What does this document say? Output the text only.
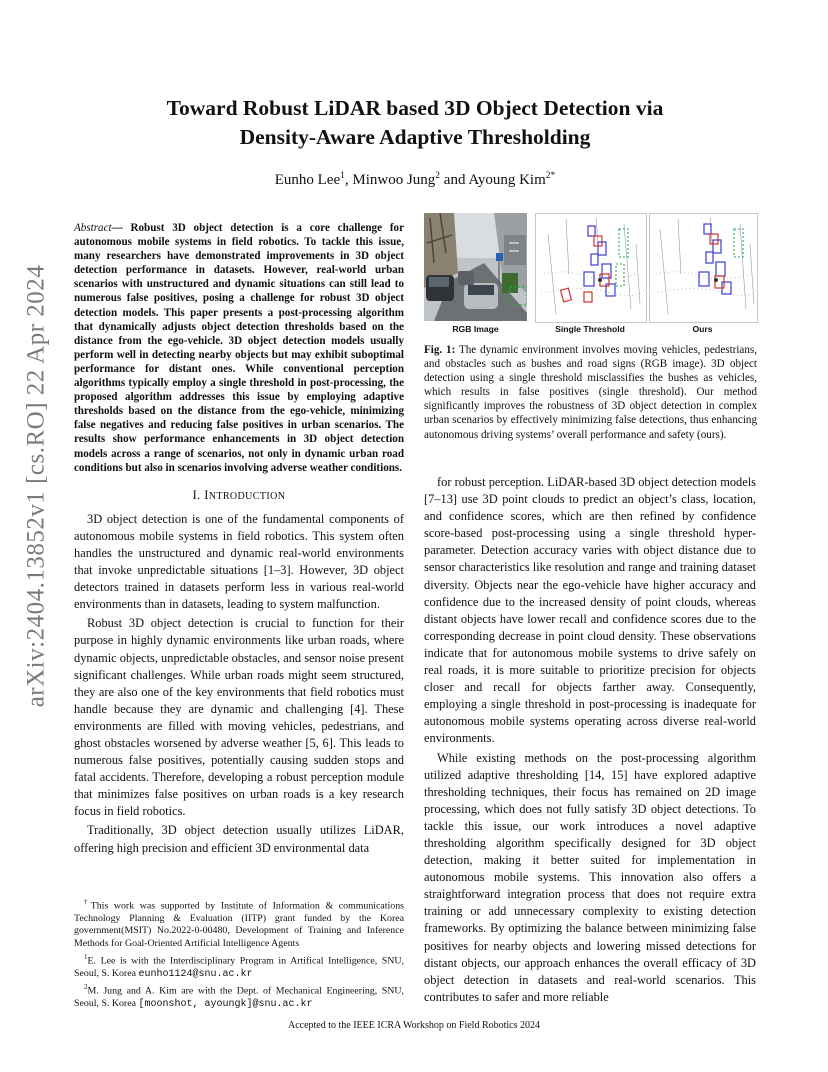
arXiv:2404.13852v1 [cs.RO] 22 Apr 2024
Toward Robust LiDAR based 3D Object Detection via
Density-Aware Adaptive Thresholding
Eunho Lee$^1$, Minwoo Jung$^2$ and Ayoung Kim$^{2*}$
Abstract— Robust 3D object detection is a core challenge for autonomous mobile systems in field robotics. To tackle this issue, many researchers have demonstrated improvements in 3D object detection performance in datasets. However, real-world urban scenarios with unstructured and dynamic situations can still lead to numerous false positives, posing a challenge for robust 3D object detection models. This paper presents a post-processing algorithm that dynamically adjusts object detection thresholds based on the distance from the ego-vehicle. 3D object detection models usually perform well in detecting nearby objects but may exhibit suboptimal performance for distant ones. While conventional perception algorithms typically employ a single threshold in post-processing, the proposed algorithm addresses this issue by employing adaptive thresholds based on the distance from the ego-vehicle, minimizing false negatives and reducing false positives in urban scenarios. The results show performance enhancements in 3D object detection models across a range of scenarios, not only in dynamic urban road conditions but also in scenarios involving adverse weather conditions.
I. INTRODUCTION

3D object detection is one of the fundamental components of autonomous mobile systems in field robotics. This system often handles the unstructured and dynamic real-world environments that invoke unpredictable situations [1–3]. However, 3D object detectors trained in datasets perform less in various real-world environments than in datasets, leading to system malfunction.

Robust 3D object detection is crucial to function for their purpose in highly dynamic environments like urban roads, where dynamic objects, unpredictable obstacles, and sensor noise present significant challenges. While urban roads might seem structured, they are also one of the key environments that field robotics must handle because they are dynamic and challenging [4]. These environments are filled with moving vehicles, pedestrians, and ghost obstacles worsened by adverse weather [5, 6]. This leads to numerous false positives, potentially causing sudden stops and fatal accidents. Therefore, developing a robust perception module that minimizes false positives on urban roads is a key research focus in field robotics.

Traditionally, 3D object detection usually utilizes LiDAR, offering high precision and efficient 3D environmental data

†This work was supported by Institute of Information & communications Technology Planning & Evaluation (IITP) grant funded by the Korea government(MSIT) No.2022-0-00480, Development of Training and Inference Methods for Goal-Oriented Artificial Intelligence Agents
$^1$E. Lee is with the Interdisciplinary Program in Artifical Intelligence, SNU, Seoul, S. Korea eunho1124@snu.ac.kr
$^2$M. Jung and A. Kim are with the Dept. of Mechanical Engineering, SNU, Seoul, S. Korea [moonshot, ayoungk]@snu.ac.kr
RGB Image	Single Threshold	Ours
Fig. 1: The dynamic environment involves moving vehicles, pedestrians, and obstacles such as bushes and road signs (RGB image). 3D object detection using a single threshold misclassifies the bushes as vehicles, which results in false positives (single threshold). Our method significantly improves the robustness of 3D object detection in complex urban scenarios by effectively minimizing false detections, thus enhancing autonomous driving systems’ overall performance and safety (ours).

for robust perception. LiDAR-based 3D object detection models [7–13] use 3D point clouds to predict an object’s class, location, and confidence scores, which are then refined by confidence score-based post-processing using a single threshold hyper-parameter. Detection accuracy varies with object distance due to sensor characteristics like resolution and range and training dataset diversity. Objects near the ego-vehicle have higher accuracy and confidence due to the increased density of point clouds, whereas distant objects have lower recall and confidence scores due to the corresponding decrease in point cloud density. These observations indicate that for autonomous mobile systems to drive safely on real roads, it is more suitable to prioritize precision for objects closer and recall for objects farther away. Consequently, employing a single threshold in post-processing is inadequate for autonomous mobile systems operating across diverse real-world environments.

While existing methods on the post-processing algorithm utilized adaptive thresholding [14, 15] have explored adaptive thresholding techniques, their focus has remained on 2D image processing, which does not fully satisfy 3D object detections. To tackle this issue, our work introduces a novel adaptive thresholding algorithm specifically designed for 3D object detection, making it better suited for implementation in autonomous mobile systems. This innovation also offers a straightforward integration process that does not require extra training or add unnecessary complexity to existing detection frameworks. By optimizing the balance between minimizing false positives for nearby objects and lowering missed detections for distant objects, our approach enhances the overall efficacy of 3D object detection in datasets and real-world scenarios. This contributes to safer and more reliable

Accepted to the IEEE ICRA Workshop on Field Robotics 2024
